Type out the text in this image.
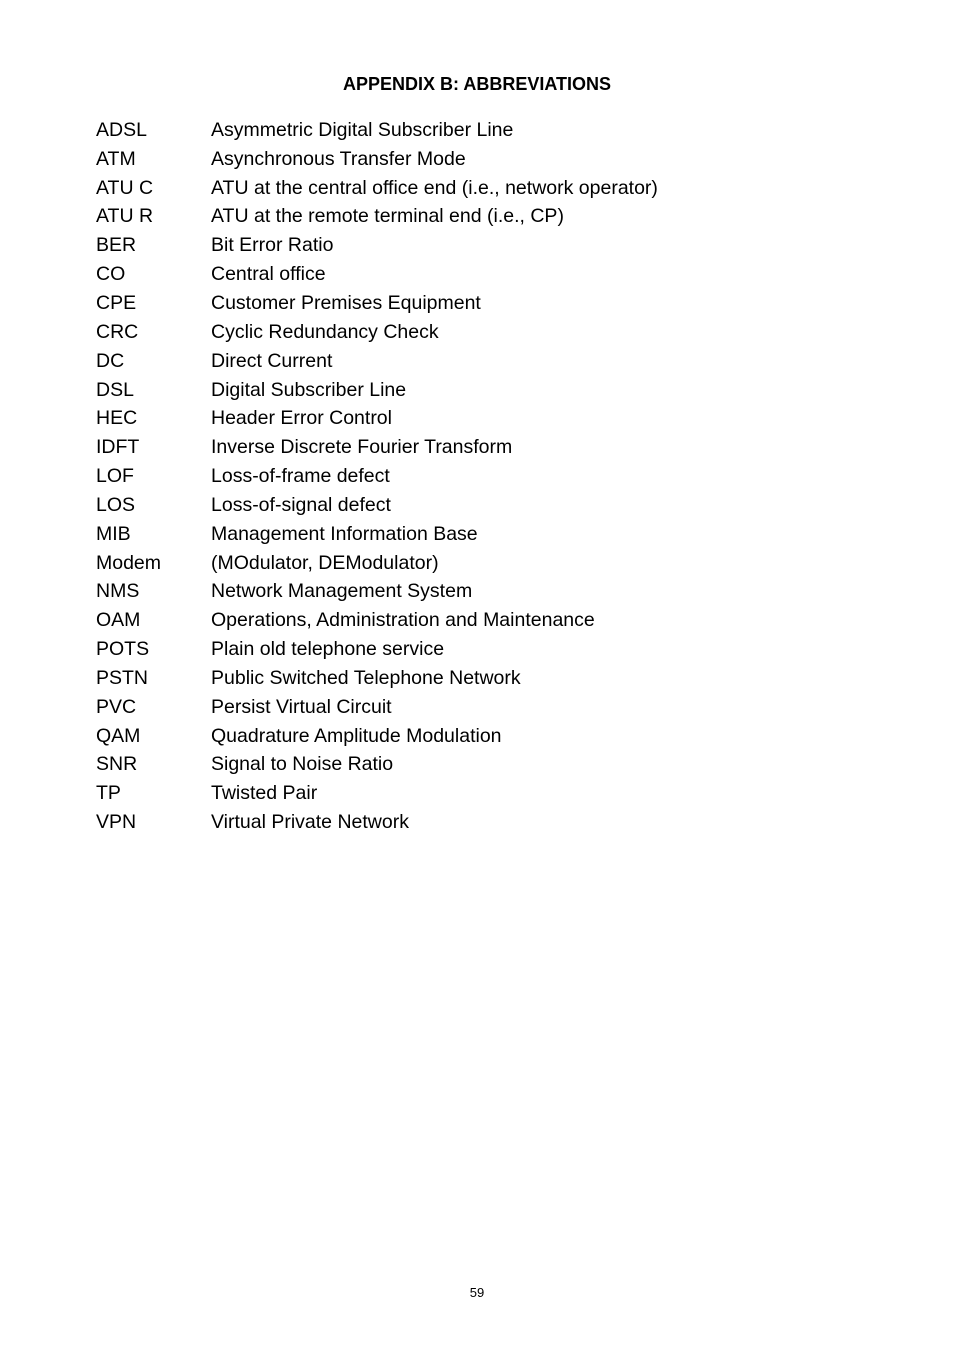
APPENDIX B: ABBREVIATIONS
ADSL	Asymmetric Digital Subscriber Line
ATM	Asynchronous Transfer Mode
ATU C	ATU at the central office end (i.e., network operator)
ATU R	ATU at the remote terminal end (i.e., CP)
BER	Bit Error Ratio
CO	Central office
CPE	Customer Premises Equipment
CRC	Cyclic Redundancy Check
DC	Direct Current
DSL	Digital Subscriber Line
HEC	Header Error Control
IDFT	Inverse Discrete Fourier Transform
LOF	Loss-of-frame defect
LOS	Loss-of-signal defect
MIB	Management Information Base
Modem	(MOdulator, DEModulator)
NMS	Network Management System
OAM	Operations, Administration and Maintenance
POTS	Plain old telephone service
PSTN	Public Switched Telephone Network
PVC	Persist Virtual Circuit
QAM	Quadrature Amplitude Modulation
SNR	Signal to Noise Ratio
TP	Twisted Pair
VPN	Virtual Private Network
59
